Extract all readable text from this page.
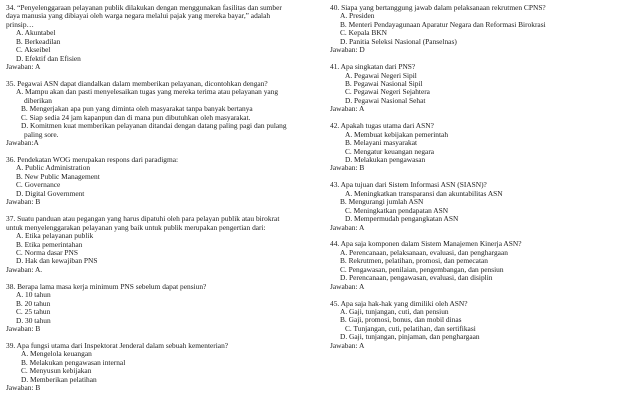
34. “Penyelenggaraan pelayanan publik dilakukan dengan menggunakan fasilitas dan sumber
daya manusia yang dibiayai oleh warga negara melalui pajak yang mereka bayar,” adalah
prinsip…
A. Akuntabel
B. Berkeadilan
C. Akseibel
D. Efektif dan Efisien
Jawaban: A
35. Pegawai ASN dapat diandalkan dalam memberikan pelayanan, dicontohkan dengan?
A. Mampu akan dan pasti menyelesaikan tugas yang mereka terima atau pelayanan yang
diberikan
B. Mengerjakan apa pun yang diminta oleh masyarakat tanpa banyak bertanya
C. Siap sedia 24 jam kapanpun dan di mana pun dibutuhkan oleh masyarakat.
D. Komitmen kuat memberikan pelayanan ditandai dengan datang paling pagi dan pulang
paling sore.
Jawaban:A
36. Pendekatan WOG merupakan respons dari paradigma:
A. Public Administration
B. New Public Management
C. Governance
D. Digital Government
Jawaban: B
37. Suatu panduan atau pegangan yang harus dipatuhi oleh para pelayan publik atau birokrat
untuk menyelenggarakan pelayanan yang baik untuk publik merupakan pengertian dari:
A. Etika pelayanan publik
B. Etika pemerintahan
C. Norma dasar PNS
D. Hak dan kewajiban PNS
Jawaban: A.
38. Berapa lama masa kerja minimum PNS sebelum dapat pensiun?
A. 10 tahun
B. 20 tahun
C. 25 tahun
D. 30 tahun
Jawaban: B
39. Apa fungsi utama dari Inspektorat Jenderal dalam sebuah kementerian?
A. Mengelola keuangan
B. Melakukan pengawasan internal
C. Menyusun kebijakan
D. Memberikan pelatihan
Jawaban: B
40. Siapa yang bertanggung jawab dalam pelaksanaan rekrutmen CPNS?
A. Presiden
B. Menteri Pendayagunaan Aparatur Negara dan Reformasi Birokrasi
C. Kepala BKN
D. Panitia Seleksi Nasional (Panselnas)
Jawaban: D
41. Apa singkatan dari PNS?
A. Pegawai Negeri Sipil
B. Pegawai Nasional Sipil
C. Pegawai Negeri Sejahtera
D. Pegawai Nasional Sehat
Jawaban: A
42. Apakah tugas utama dari ASN?
A. Membuat kebijakan pemerintah
B. Melayani masyarakat
C. Mengatur keuangan negara
D. Melakukan pengawasan
Jawaban: B
43. Apa tujuan dari Sistem Informasi ASN (SIASN)?
A. Meningkatkan transparansi dan akuntabilitas ASN
B. Mengurangi jumlah ASN
C. Meningkatkan pendapatan ASN
D. Mempermudah pengangkatan ASN
Jawaban: A
44. Apa saja komponen dalam Sistem Manajemen Kinerja ASN?
A. Perencanaan, pelaksanaan, evaluasi, dan penghargaan
B. Rekrutmen, pelatihan, promosi, dan pemecatan
C. Pengawasan, penilaian, pengembangan, dan pensiun
D. Perencanaan, pengawasan, evaluasi, dan disiplin
Jawaban: A
45. Apa saja hak-hak yang dimiliki oleh ASN?
A. Gaji, tunjangan, cuti, dan pensiun
B. Gaji, promosi, bonus, dan mobil dinas
C. Tunjangan, cuti, pelatihan, dan sertifikasi
D. Gaji, tunjangan, pinjaman, dan penghargaan
Jawaban: A
